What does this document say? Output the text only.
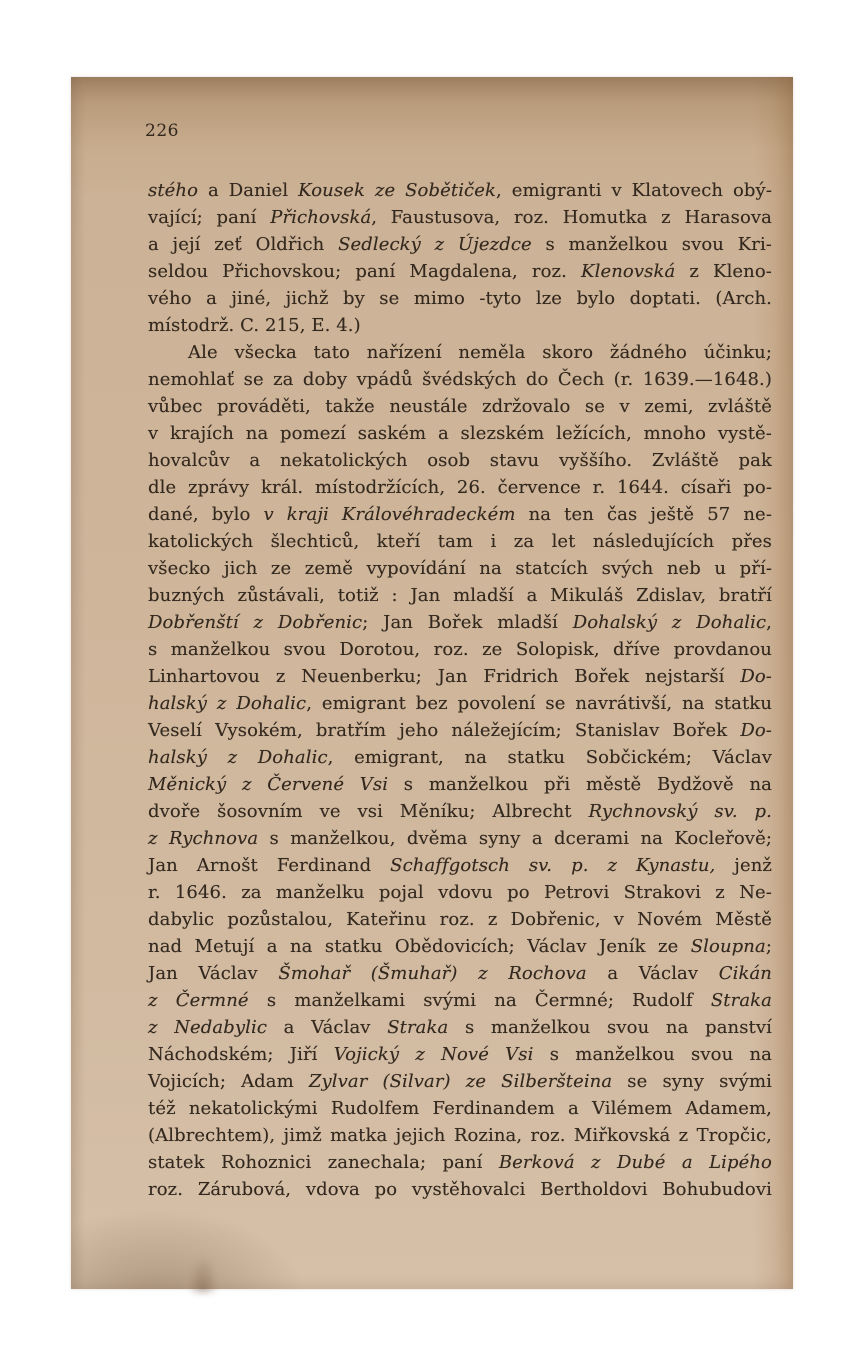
226
stého a Daniel Kousek ze Sobětiček, emigranti v Klatovech obý-
vající; paní Přichovská, Faustusova, roz. Homutka z Harasova
a její zeť Oldřich Sedlecký z Újezdce s manželkou svou Kri-
seldou Přichovskou; paní Magdalena, roz. Klenovská z Kleno-
vého a jiné, jichž by se mimo -tyto lze bylo doptati. (Arch.
místodrž. C. 215, E. 4.)
Ale všecka tato nařízení neměla skoro žádného účinku;
nemohlať se za doby vpádů švédských do Čech (r. 1639.—1648.)
vůbec prováděti, takže neustále zdržovalo se v zemi, zvláště
v krajích na pomezí saském a slezském ležících, mnoho vystě-
hovalcův a nekatolických osob stavu vyššího. Zvláště pak
dle zprávy král. místodržících, 26. července r. 1644. císaři po-
dané, bylo v kraji Královéhradeckém na ten čas ještě 57 ne-
katolických šlechticů, kteří tam i za let následujících přes
všecko jich ze země vypovídání na statcích svých neb u pří-
buzných zůstávali, totiž : Jan mladší a Mikuláš Zdislav, bratří
Dobřenští z Dobřenic; Jan Bořek mladší Dohalský z Dohalic,
s manželkou svou Dorotou, roz. ze Solopisk, dříve provdanou
Linhartovou z Neuenberku; Jan Fridrich Bořek nejstarší Do-
halský z Dohalic, emigrant bez povolení se navrátivší, na statku
Veselí Vysokém, bratřím jeho náležejícím; Stanislav Bořek Do-
halský z Dohalic, emigrant, na statku Sobčickém; Václav
Měnický z Červené Vsi s manželkou při městě Bydžově na
dvoře šosovním ve vsi Měníku; Albrecht Rychnovský sv. p.
z Rychnova s manželkou, dvěma syny a dcerami na Kocleřově;
Jan Arnošt Ferdinand Schaffgotsch sv. p. z Kynastu, jenž
r. 1646. za manželku pojal vdovu po Petrovi Strakovi z Ne-
dabylic pozůstalou, Kateřinu roz. z Dobřenic, v Novém Městě
nad Metují a na statku Obědovicích; Václav Jeník ze Sloupna;
Jan Václav Šmohař (Šmuhař) z Rochova a Václav Cikán
z Čermné s manželkami svými na Čermné; Rudolf Straka
z Nedabylic a Václav Straka s manželkou svou na panství
Náchodském; Jiří Vojický z Nové Vsi s manželkou svou na
Vojicích; Adam Zylvar (Silvar) ze Silberšteina se syny svými
též nekatolickými Rudolfem Ferdinandem a Vilémem Adamem,
(Albrechtem), jimž matka jejich Rozina, roz. Miřkovská z Tropčic,
statek Rohoznici zanechala; paní Berková z Dubé a Lipého
roz. Zárubová, vdova po vystěhovalci Bertholdovi Bohubudovi
